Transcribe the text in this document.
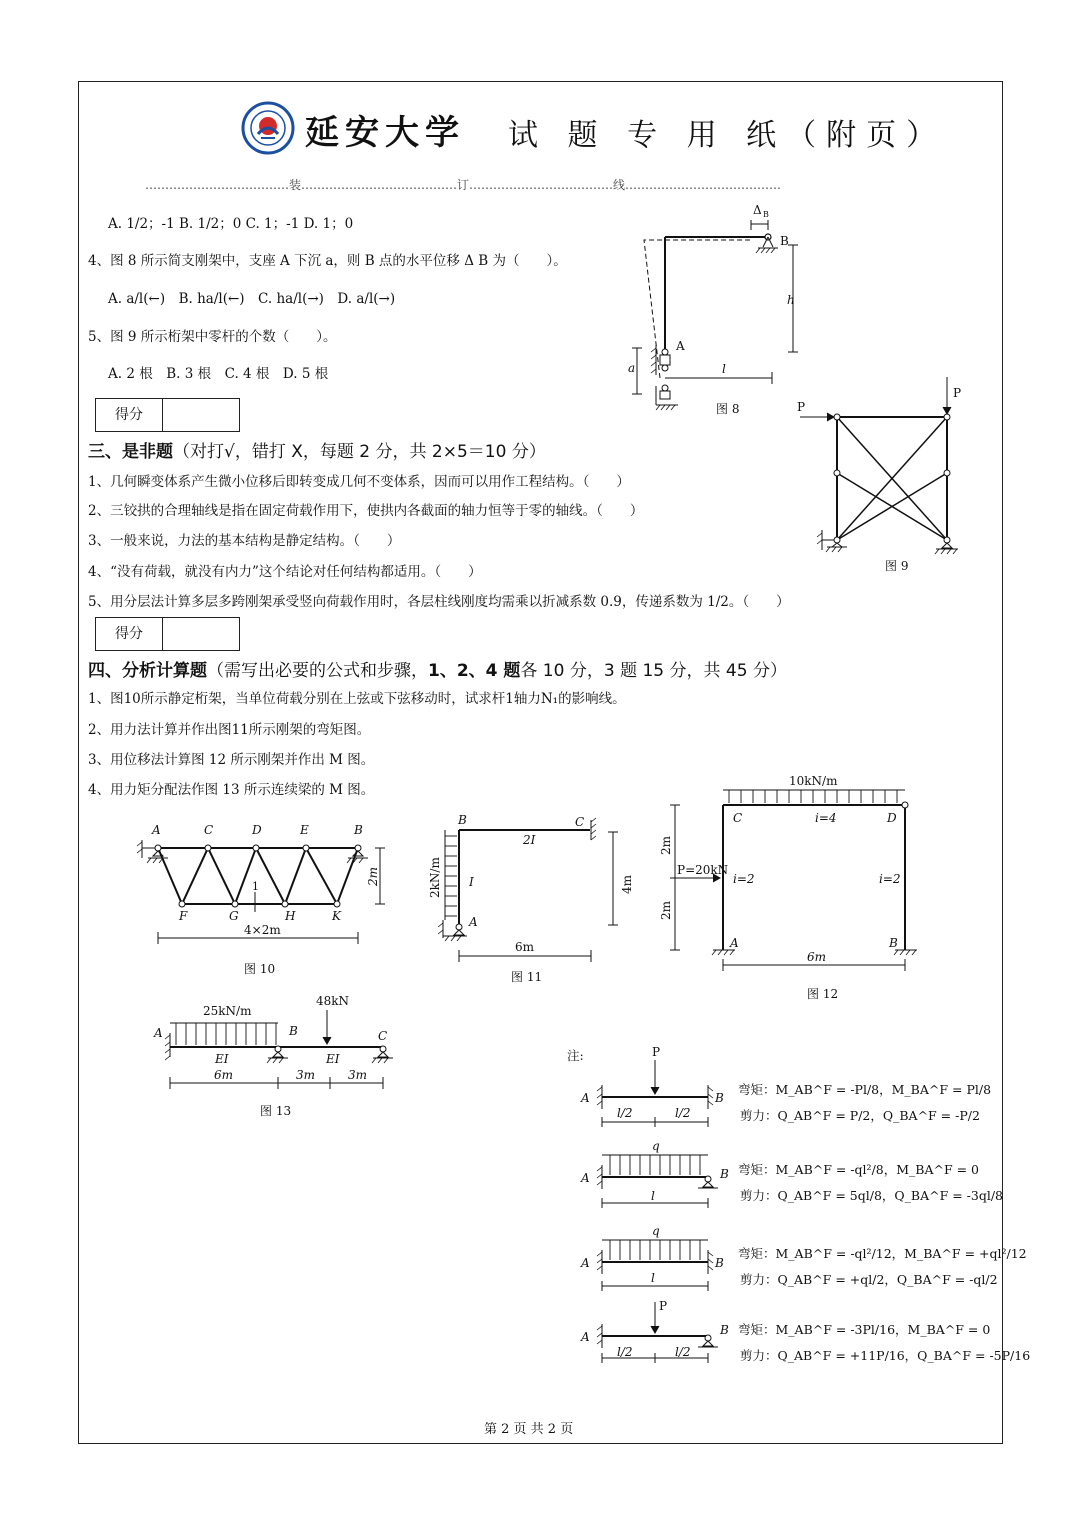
延安大学 试 题 专 用 纸（附页）
………………………………装…………………………………订………………………………线…………………………………
A. 1/2；-1 B. 1/2；0 C. 1；-1 D. 1；0
4、图 8 所示简支刚架中，支座 A 下沉 a，则 B 点的水平位移 Δ B 为（　　）。
A. a/l(←)　B. ha/l(←)　C. ha/l(→)　D. a/l(→)
5、图 9 所示桁架中零杆的个数（　　）。
A. 2 根　B. 3 根　C. 4 根　D. 5 根
Δ B
B
A
h
a	l
图 8	P
P
图 9
得分
三、是非题（对打√，错打 X，每题 2 分，共 2×5＝10 分）
1、几何瞬变体系产生微小位移后即转变成几何不变体系，因而可以用作工程结构。（　　）
2、三铰拱的合理轴线是指在固定荷载作用下，使拱内各截面的轴力恒等于零的轴线。（　　）
3、一般来说，力法的基本结构是静定结构。（　　）
4、“没有荷载，就没有内力”这个结论对任何结构都适用。（　　）
5、用分层法计算多层多跨刚架承受竖向荷载作用时，各层柱线刚度均需乘以折减系数 0.9，传递系数为 1/2。（　　）
得分
四、分析计算题（需写出必要的公式和步骤，1、2、4 题各 10 分，3 题 15 分，共 45 分）
1、图10所示静定桁架，当单位荷载分别在上弦或下弦移动时，试求杆1轴力N₁的影响线。
2、用力法计算并作出图11所示刚架的弯矩图。
3、用位移法计算图 12 所示刚架并作出 M 图。
4、用力矩分配法作图 13 所示连续梁的 M 图。
A	C	D	E	B
F	G	H	K
2m
4×2m
1
图 10
B	C
A
2I
I
2kN/m	4m
6m
图 11
10kN/m
C	D
A	B
i=4
i=2	i=2
P=20kN
2m
2m
6m
图 12
25kN/m
48kN
A	B	C
EI	EI
6m	3m	3m
图 13
注:	P
A	B
l/2	l/2
q
A	B
l
q
A	B
l
P
A	B
l/2	l/2
弯矩：M_AB^F = -Pl/8，M_BA^F = Pl/8
剪力：Q_AB^F = P/2，Q_BA^F = -P/2
弯矩：M_AB^F = -ql²/8，M_BA^F = 0
剪力：Q_AB^F = 5ql/8，Q_BA^F = -3ql/8
弯矩：M_AB^F = -ql²/12，M_BA^F = +ql²/12
剪力：Q_AB^F = +ql/2，Q_BA^F = -ql/2
弯矩：M_AB^F = -3Pl/16，M_BA^F = 0
剪力：Q_AB^F = +11P/16，Q_BA^F = -5P/16
第 2 页 共 2 页
